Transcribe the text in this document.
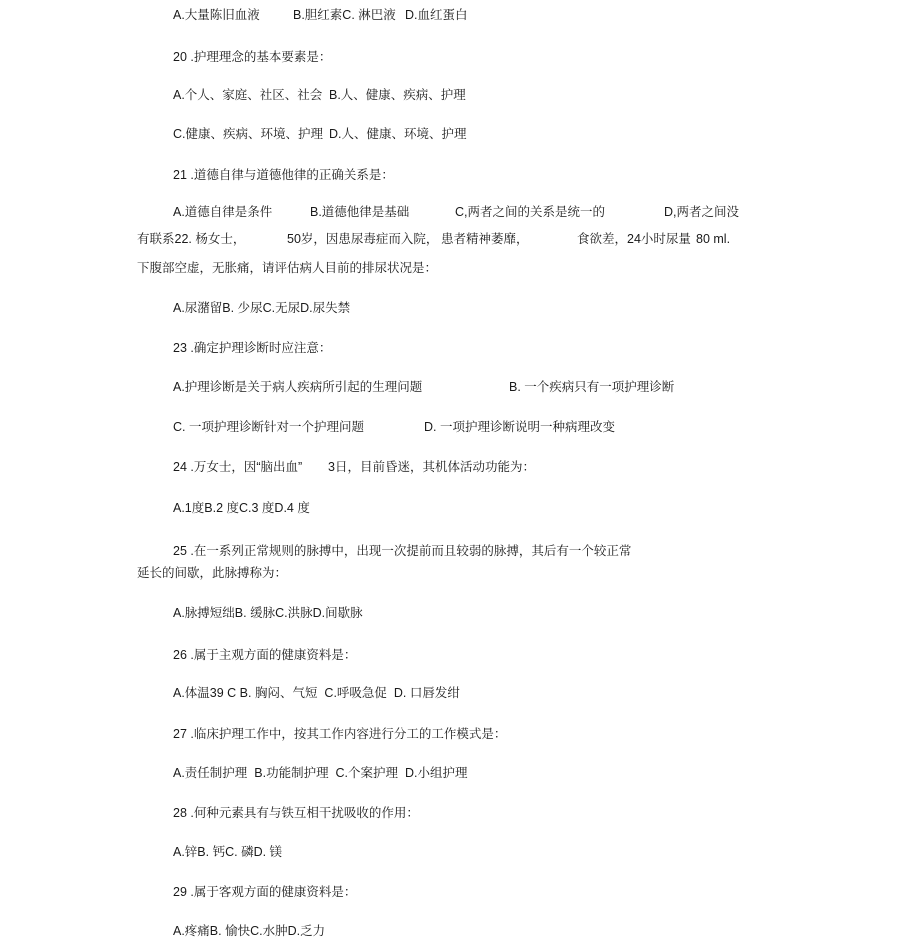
A.大量陈旧血液	B.胆红素C. 淋巴液 D.血红蛋白
20 .护理理念的基本要素是：
A.个人、家庭、社区、社会 B.人、健康、疾病、护理
C.健康、疾病、环境、护理 D.人、健康、环境、护理
21 .道德自律与道德他律的正确关系是：
A.道德自律是条件	B.道德他律是基础	C,两者之间的关系是统一的	D,两者之间没
有联系22. 杨女士，	50岁，因患尿毒症而入院， 患者精神萎靡，	食欲差，24小时尿量 80 ml.
下腹部空虚，无胀痛，请评估病人目前的排尿状况是：
A.尿潴留B. 少尿C.无尿D.尿失禁
23 .确定护理诊断时应注意：
A.护理诊断是关于病人疾病所引起的生理问题	B. 一个疾病只有一项护理诊断
C. 一项护理诊断针对一个护理问题	D. 一项护理诊断说明一种病理改变
24 .万女士，因“脑出血” 3日，目前昏迷，其机体活动功能为：
A.1度B.2 度C.3 度D.4 度
25 .在一系列正常规则的脉搏中，出现一次提前而且较弱的脉搏，其后有一个较正常
延长的间歇，此脉搏称为：
A.脉搏短绌B. 缓脉C.洪脉D.间歇脉
26 .属于主观方面的健康资料是：
A.体温39 C B. 胸闷、气短  C.呼吸急促  D. 口唇发绀
27 .临床护理工作中，按其工作内容进行分工的工作模式是：
A.责任制护理  B.功能制护理  C.个案护理  D.小组护理
28 .何种元素具有与铁互相干扰吸收的作用：
A.锌B. 钙C. 磷D. 镁
29 .属于客观方面的健康资料是：
A.疼痛B. 愉快C.水肿D.乏力
